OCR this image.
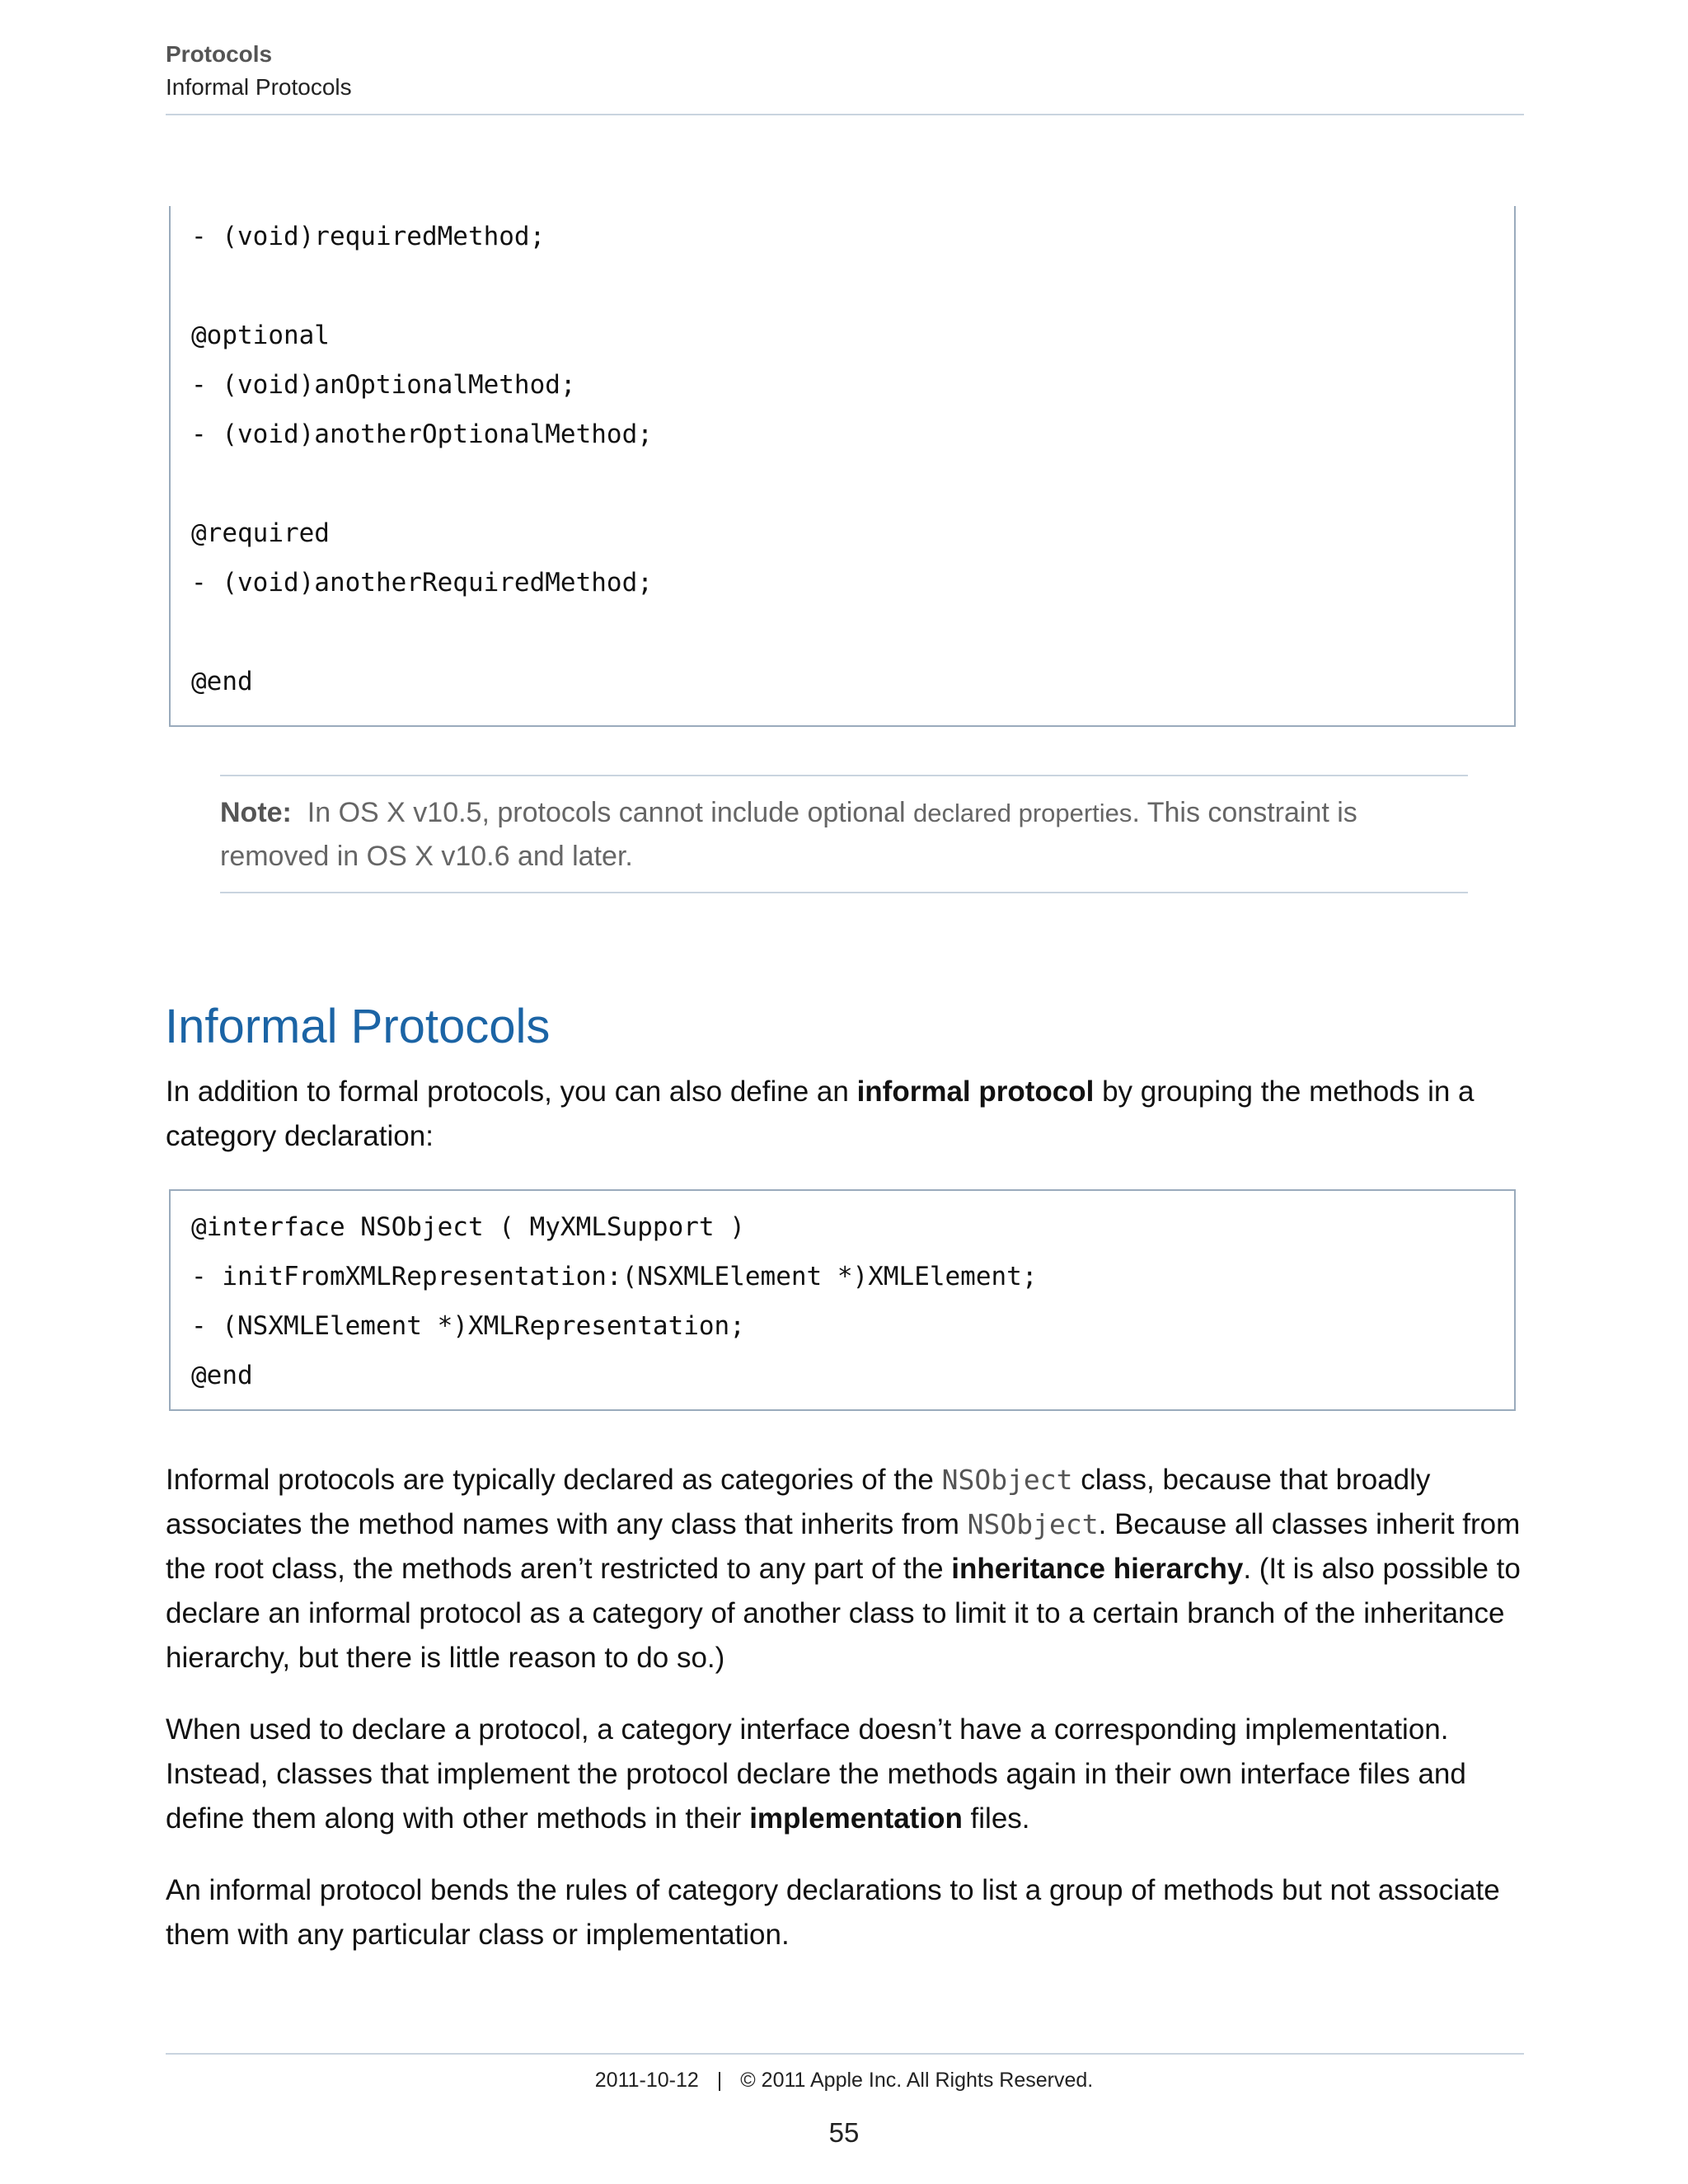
Protocols
Informal Protocols
- (void)requiredMethod;
@optional
- (void)anOptionalMethod;
- (void)anotherOptionalMethod;
@required
- (void)anotherRequiredMethod;
@end
Note: In OS X v10.5, protocols cannot include optional declared properties. This constraint is removed in OS X v10.6 and later.
Informal Protocols

In addition to formal protocols, you can also define an informal protocol by grouping the methods in a category declaration:

@interface NSObject ( MyXMLSupport )
- initFromXMLRepresentation:(NSXMLElement *)XMLElement;
- (NSXMLElement *)XMLRepresentation;
@end

Informal protocols are typically declared as categories of the NSObject class, because that broadly associates the method names with any class that inherits from NSObject. Because all classes inherit from the root class, the methods aren’t restricted to any part of the inheritance hierarchy. (It is also possible to declare an informal protocol as a category of another class to limit it to a certain branch of the inheritance hierarchy, but there is little reason to do so.)

When used to declare a protocol, a category interface doesn’t have a corresponding implementation. Instead, classes that implement the protocol declare the methods again in their own interface files and define them along with other methods in their implementation files.

An informal protocol bends the rules of category declarations to list a group of methods but not associate them with any particular class or implementation.

2011-10-12 | © 2011 Apple Inc. All Rights Reserved.
55
